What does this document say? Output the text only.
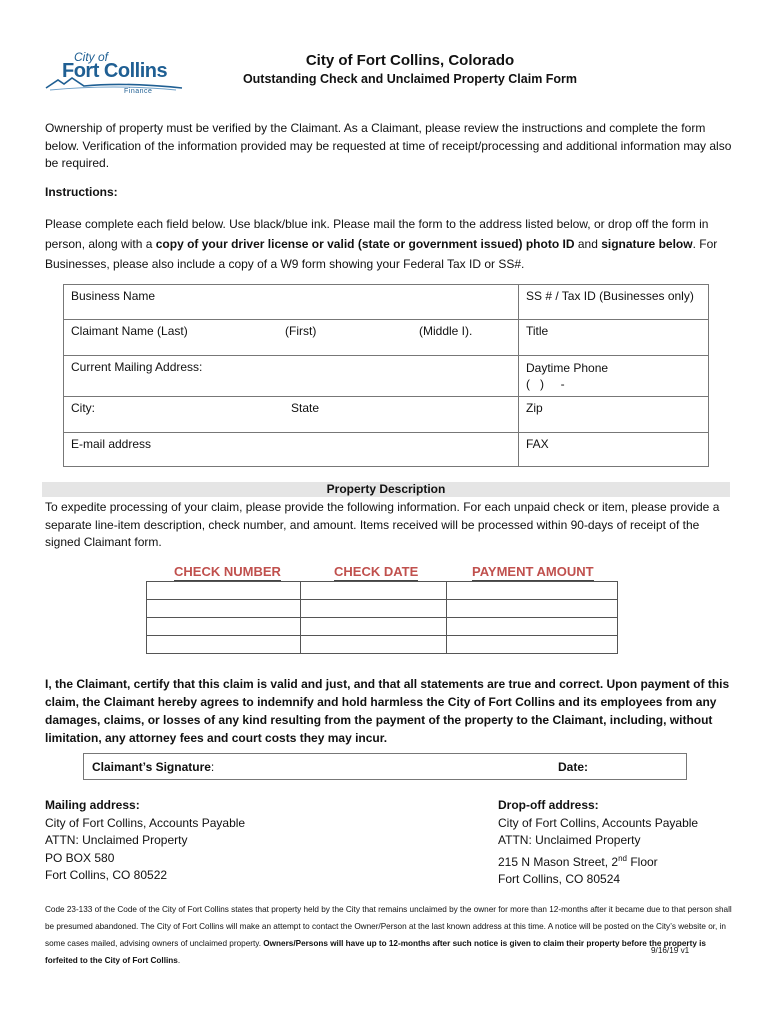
City of
Fort Collins
Finance
City of Fort Collins, Colorado
Outstanding Check and Unclaimed Property Claim Form
Ownership of property must be verified by the Claimant. As a Claimant, please review the instructions and complete the form below. Verification of the information provided may be requested at time of receipt/processing and additional information may also be required.
Instructions:
Please complete each field below. Use black/blue ink. Please mail the form to the address listed below, or drop off the form in person, along with a copy of your driver license or valid (state or government issued) photo ID and signature below. For Businesses, please also include a copy of a W9 form showing your Federal Tax ID or SS#.
Business Name	SS # / Tax ID (Businesses only)

Claimant Name (Last) (First) (Middle I).	Title
Current Mailing Address:	Daytime Phone
(   )     -

City: State	Zip
E-mail address	FAX
Property Description
To expedite processing of your claim, please provide the following information. For each unpaid check or item, please provide a separate line-item description, check number, and amount. Items received will be processed within 90-days of receipt of the signed Claimant form.
CHECK NUMBER	CHECK DATE	PAYMENT AMOUNT

I, the Claimant, certify that this claim is valid and just, and that all statements are true and correct. Upon payment of this claim, the Claimant hereby agrees to indemnify and hold harmless the City of Fort Collins and its employees from any damages, claims, or losses of any kind resulting from the payment of the property to the Claimant, including, without limitation, any attorney fees and court costs they may incur.
Claimant’s Signature:	Date:
Mailing address:
City of Fort Collins, Accounts Payable
ATTN: Unclaimed Property
PO BOX 580
Fort Collins, CO 80522
Drop-off address:
City of Fort Collins, Accounts Payable
ATTN: Unclaimed Property
215 N Mason Street, 2nd Floor
Fort Collins, CO 80524
Code 23-133 of the Code of the City of Fort Collins states that property held by the City that remains unclaimed by the owner for more than 12-months after it became due to that person shall be presumed abandoned. The City of Fort Collins will make an attempt to contact the Owner/Person at the last known address at this time. A notice will be posted on the City’s website or, in some cases mailed, advising owners of unclaimed property. Owners/Persons will have up to 12-months after such notice is given to claim their property before the property is forfeited to the City of Fort Collins.
9/16/19 v1
